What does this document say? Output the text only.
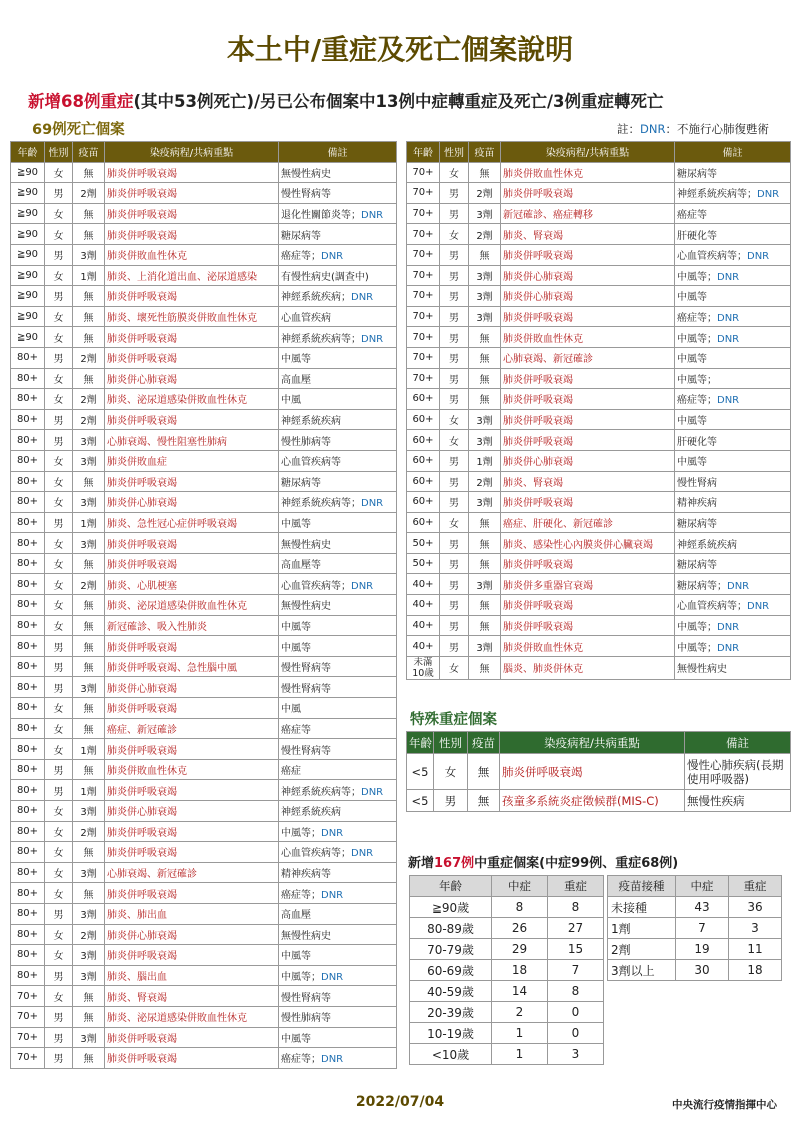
本土中/重症及死亡個案說明
新增68例重症(其中53例死亡)/另已公布個案中13例中症轉重症及死亡/3例重症轉死亡
69例死亡個案	註：DNR：不施行心肺復甦術
年齡	性別	疫苗	染疫病程/共病重點	備註
≧90	女	無	肺炎併呼吸衰竭	無慢性病史
≧90	男	2劑	肺炎併呼吸衰竭	慢性腎病等
≧90	女	無	肺炎併呼吸衰竭	退化性關節炎等；DNR
≧90	女	無	肺炎併呼吸衰竭	糖尿病等
≧90	男	3劑	肺炎併敗血性休克	癌症等；DNR
≧90	女	1劑	肺炎、上消化道出血、泌尿道感染	有慢性病史(調查中)
≧90	男	無	肺炎併呼吸衰竭	神經系統疾病；DNR
≧90	女	無	肺炎、壞死性筋膜炎併敗血性休克	心血管疾病
≧90	女	無	肺炎併呼吸衰竭	神經系統疾病等；DNR
80+	男	2劑	肺炎併呼吸衰竭	中風等
80+	女	無	肺炎併心肺衰竭	高血壓
80+	女	2劑	肺炎、泌尿道感染併敗血性休克	中風
80+	男	2劑	肺炎併呼吸衰竭	神經系統疾病
80+	男	3劑	心肺衰竭、慢性阻塞性肺病	慢性肺病等
80+	女	3劑	肺炎併敗血症	心血管疾病等
80+	女	無	肺炎併呼吸衰竭	糖尿病等
80+	女	3劑	肺炎併心肺衰竭	神經系統疾病等；DNR
80+	男	1劑	肺炎、急性冠心症併呼吸衰竭	中風等
80+	女	3劑	肺炎併呼吸衰竭	無慢性病史
80+	女	無	肺炎併呼吸衰竭	高血壓等
80+	女	2劑	肺炎、心肌梗塞	心血管疾病等；DNR
80+	女	無	肺炎、泌尿道感染併敗血性休克	無慢性病史
80+	女	無	新冠確診、吸入性肺炎	中風等
80+	男	無	肺炎併呼吸衰竭	中風等
80+	男	無	肺炎併呼吸衰竭、急性腦中風	慢性腎病等
80+	男	3劑	肺炎併心肺衰竭	慢性腎病等
80+	女	無	肺炎併呼吸衰竭	中風
80+	女	無	癌症、新冠確診	癌症等
80+	女	1劑	肺炎併呼吸衰竭	慢性腎病等
80+	男	無	肺炎併敗血性休克	癌症
80+	男	1劑	肺炎併呼吸衰竭	神經系統疾病等；DNR
80+	女	3劑	肺炎併心肺衰竭	神經系統疾病
80+	女	2劑	肺炎併呼吸衰竭	中風等；DNR
80+	女	無	肺炎併呼吸衰竭	心血管疾病等；DNR
80+	女	3劑	心肺衰竭、新冠確診	精神疾病等
80+	女	無	肺炎併呼吸衰竭	癌症等；DNR
80+	男	3劑	肺炎、肺出血	高血壓
80+	女	2劑	肺炎併心肺衰竭	無慢性病史
80+	女	3劑	肺炎併呼吸衰竭	中風等
80+	男	3劑	肺炎、腦出血	中風等；DNR
70+	女	無	肺炎、腎衰竭	慢性腎病等
70+	男	無	肺炎、泌尿道感染併敗血性休克	慢性肺病等
70+	男	3劑	肺炎併呼吸衰竭	中風等
70+	男	無	肺炎併呼吸衰竭	癌症等；DNR
年齡	性別	疫苗	染疫病程/共病重點	備註
70+	女	無	肺炎併敗血性休克	糖尿病等
70+	男	2劑	肺炎併呼吸衰竭	神經系統疾病等；DNR
70+	男	3劑	新冠確診、癌症轉移	癌症等
70+	女	2劑	肺炎、腎衰竭	肝硬化等
70+	男	無	肺炎併呼吸衰竭	心血管疾病等；DNR
70+	男	3劑	肺炎併心肺衰竭	中風等；DNR
70+	男	3劑	肺炎併心肺衰竭	中風等
70+	男	3劑	肺炎併呼吸衰竭	癌症等；DNR
70+	男	無	肺炎併敗血性休克	中風等；DNR
70+	男	無	心肺衰竭、新冠確診	中風等
70+	男	無	肺炎併呼吸衰竭	中風等；
60+	男	無	肺炎併呼吸衰竭	癌症等；DNR
60+	女	3劑	肺炎併呼吸衰竭	中風等
60+	女	3劑	肺炎併呼吸衰竭	肝硬化等
60+	男	1劑	肺炎併心肺衰竭	中風等
60+	男	2劑	肺炎、腎衰竭	慢性腎病
60+	男	3劑	肺炎併呼吸衰竭	精神疾病
60+	女	無	癌症、肝硬化、新冠確診	糖尿病等
50+	男	無	肺炎、感染性心內膜炎併心臟衰竭	神經系統疾病
50+	男	無	肺炎併呼吸衰竭	糖尿病等
40+	男	3劑	肺炎併多重器官衰竭	糖尿病等；DNR
40+	男	無	肺炎併呼吸衰竭	心血管疾病等；DNR
40+	男	無	肺炎併呼吸衰竭	中風等；DNR
40+	男	3劑	肺炎併敗血性休克	中風等；DNR
未滿10歲	女	無	腦炎、肺炎併休克	無慢性病史
特殊重症個案
年齡	性別	疫苗	染疫病程/共病重點	備註
<5	女	無	肺炎併呼吸衰竭	慢性心肺疾病(長期使用呼吸器)
<5	男	無	孩童多系統炎症徵候群(MIS-C)	無慢性疾病
新增167例中重症個案(中症99例、重症68例)
年齡	中症	重症
≧90歲	8	8
80-89歲	26	27
70-79歲	29	15
60-69歲	18	7
40-59歲	14	8
20-39歲	2	0
10-19歲	1	0
<10歲	1	3
疫苗接種	中症	重症
未接種	43	36
1劑	7	3
2劑	19	11
3劑以上	30	18
2022/07/04	中央流行疫情指揮中心
